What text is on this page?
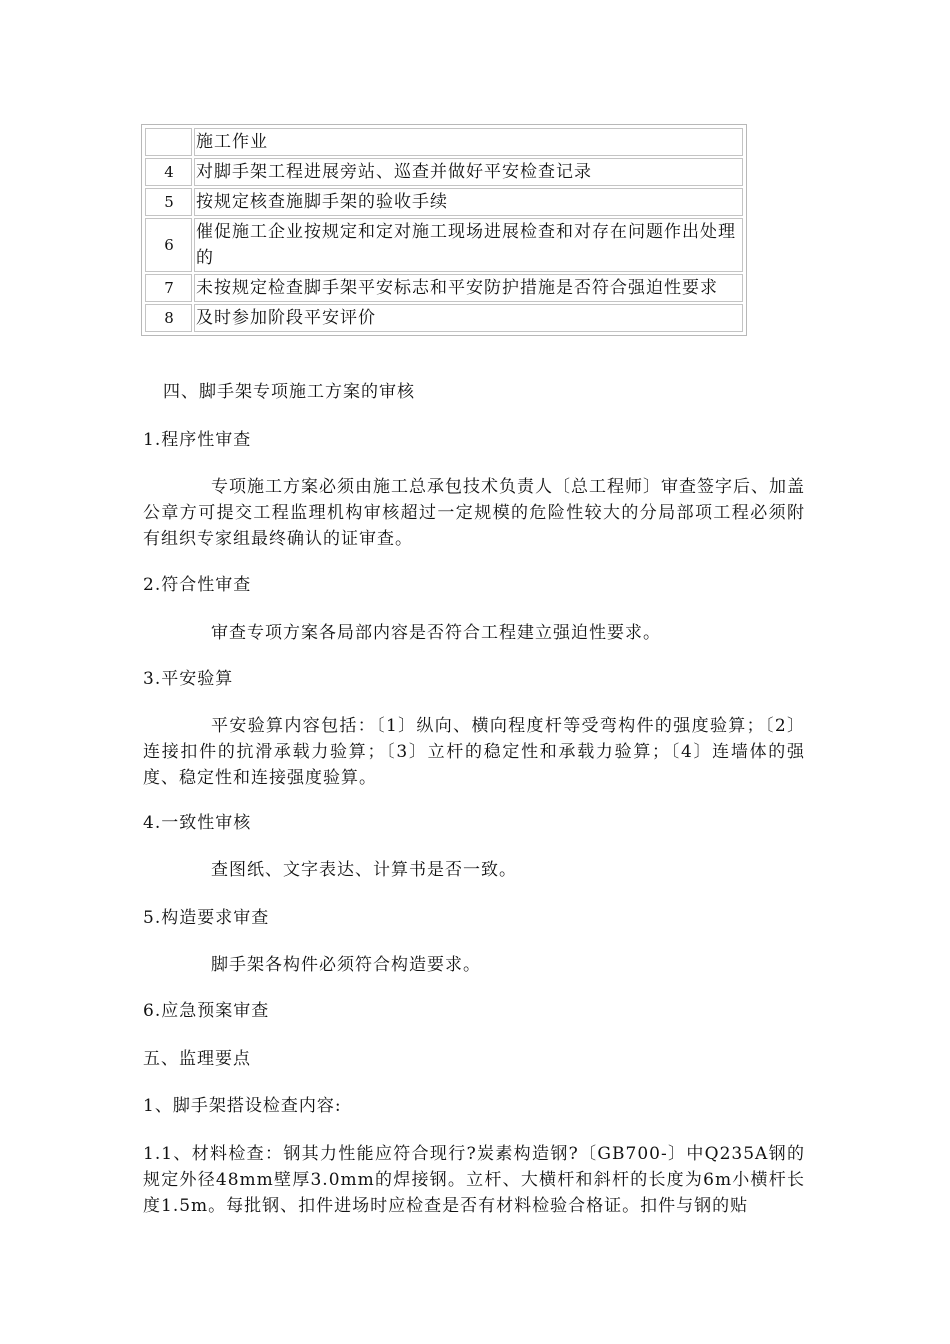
	施工作业
4	对脚手架工程进展旁站、巡查并做好平安检查记录
5	按规定核查施脚手架的验收手续
6	催促施工企业按规定和定对施工现场进展检查和对存在问题作出处理的
7	未按规定检查脚手架平安标志和平安防护措施是否符合强迫性要求
8	及时参加阶段平安评价

四、脚手架专项施工方案的审核

1.程序性审查

专项施工方案必须由施工总承包技术负责人〔总工程师〕审查签字后、加盖公章方可提交工程监理机构审核超过一定规模的危险性较大的分局部项工程必须附有组织专家组最终确认的证审查。

2.符合性审查

审查专项方案各局部内容是否符合工程建立强迫性要求。

3.平安验算

平安验算内容包括：〔1〕纵向、横向程度杆等受弯构件的强度验算；〔2〕连接扣件的抗滑承载力验算；〔3〕立杆的稳定性和承载力验算；〔4〕连墙体的强度、稳定性和连接强度验算。

4.一致性审核

查图纸、文字表达、计算书是否一致。

5.构造要求审查

脚手架各构件必须符合构造要求。

6.应急预案审查

五、监理要点

1、脚手架搭设检查内容:

1.1、材料检查：钢其力性能应符合现行?炭素构造钢?〔GB700-〕中Q235A钢的规定外径48mm壁厚3.0mm的焊接钢。立杆、大横杆和斜杆的长度为6m小横杆长度1.5m。每批钢、扣件进场时应检查是否有材料检验合格证。扣件与钢的贴
